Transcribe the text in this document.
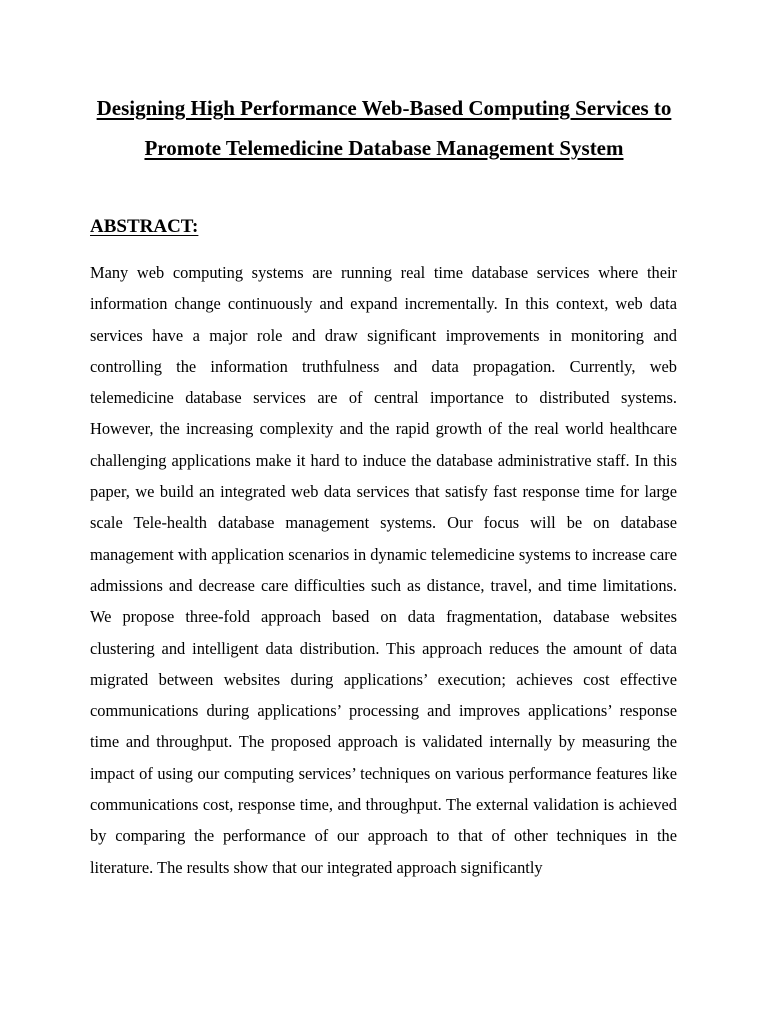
Designing High Performance Web-Based Computing Services to Promote Telemedicine Database Management System
ABSTRACT:

Many web computing systems are running real time database services where their information change continuously and expand incrementally. In this context, web data services have a major role and draw significant improvements in monitoring and controlling the information truthfulness and data propagation. Currently, web telemedicine database services are of central importance to distributed systems. However, the increasing complexity and the rapid growth of the real world healthcare challenging applications make it hard to induce the database administrative staff. In this paper, we build an integrated web data services that satisfy fast response time for large scale Tele-health database management systems. Our focus will be on database management with application scenarios in dynamic telemedicine systems to increase care admissions and decrease care difficulties such as distance, travel, and time limitations. We propose three-fold approach based on data fragmentation, database websites clustering and intelligent data distribution. This approach reduces the amount of data migrated between websites during applications’ execution; achieves cost effective communications during applications’ processing and improves applications’ response time and throughput. The proposed approach is validated internally by measuring the impact of using our computing services’ techniques on various performance features like communications cost, response time, and throughput. The external validation is achieved by comparing the performance of our approach to that of other techniques in the literature. The results show that our integrated approach significantly
